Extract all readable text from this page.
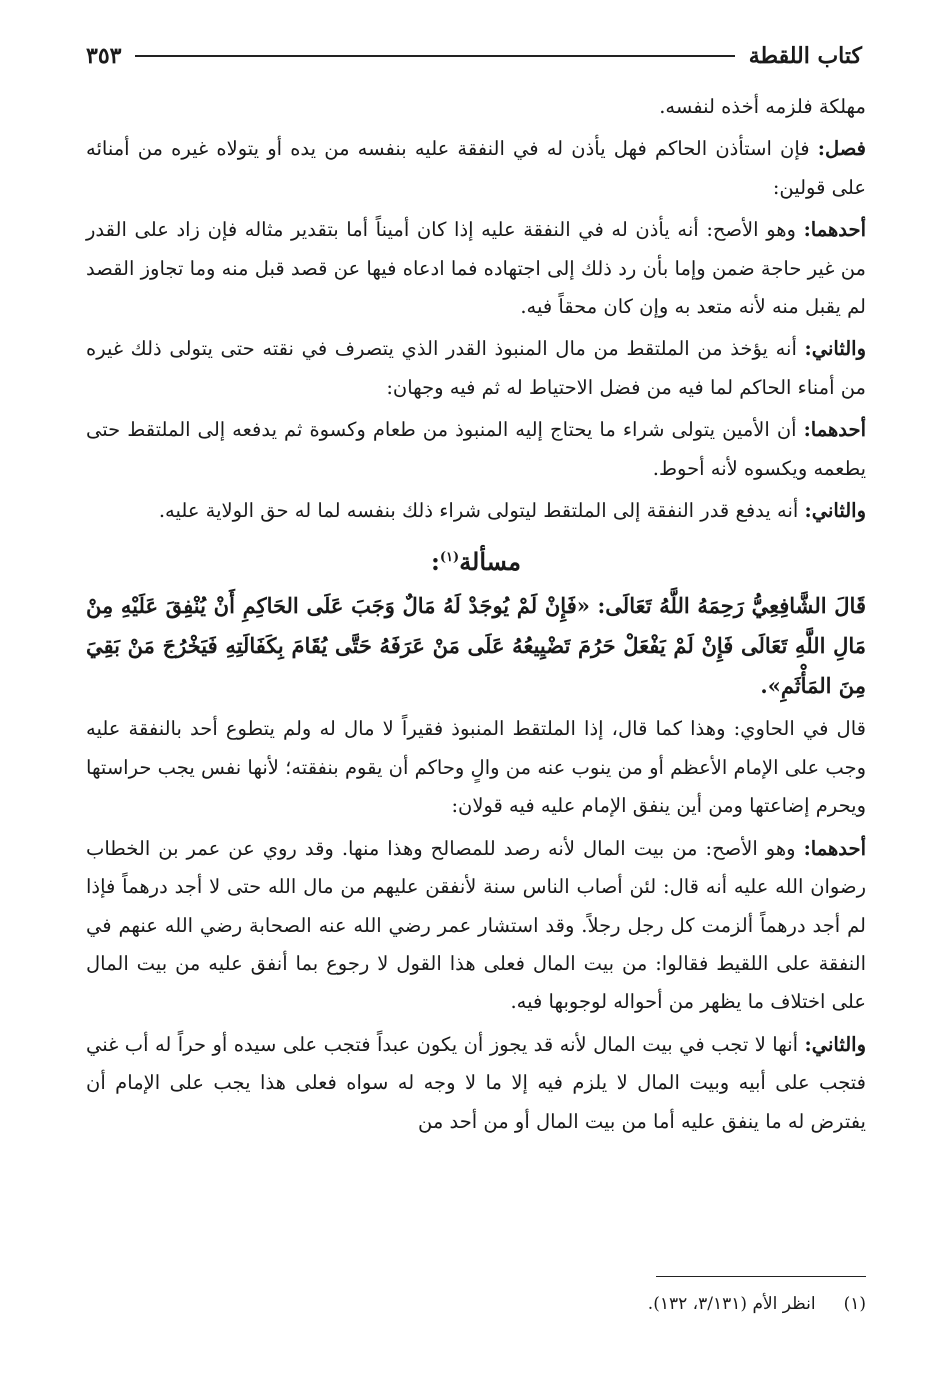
كتاب اللقطة
٣٥٣

مهلكة فلزمه أخذه لنفسه.

فصل: فإن استأذن الحاكم فهل يأذن له في النفقة عليه بنفسه من يده أو يتولاه غيره من أمنائه على قولين:

أحدهما: وهو الأصح: أنه يأذن له في النفقة عليه إذا كان أميناً أما بتقدير مثاله فإن زاد على القدر من غير حاجة ضمن وإما بأن رد ذلك إلى اجتهاده فما ادعاه فيها عن قصد قبل منه وما تجاوز القصد لم يقبل منه لأنه متعد به وإن كان محقاً فيه.

والثاني: أنه يؤخذ من الملتقط من مال المنبوذ القدر الذي يتصرف في نقته حتى يتولى ذلك غيره من أمناء الحاكم لما فيه من فضل الاحتياط له ثم فيه وجهان:

أحدهما: أن الأمين يتولى شراء ما يحتاج إليه المنبوذ من طعام وكسوة ثم يدفعه إلى الملتقط حتى يطعمه ويكسوه لأنه أحوط.

والثاني: أنه يدفع قدر النفقة إلى الملتقط ليتولى شراء ذلك بنفسه لما له حق الولاية عليه.

مسألة$^{(١)}$:

قَالَ الشَّافِعِيُّ رَحِمَهُ اللَّهُ تَعَالَى: «فَإِنْ لَمْ يُوجَدْ لَهُ مَالٌ وَجَبَ عَلَى الحَاكِمِ أَنْ يُنْفِقَ عَلَيْهِ مِنْ مَالِ اللَّهِ تَعَالَى فَإِنْ لَمْ يَفْعَلْ حَرُمَ تَضْيِيعُهُ عَلَى مَنْ عَرَفَهُ حَتَّى يُقَامَ بِكَفَالَتِهِ فَيَخْرُجَ مَنْ بَقِيَ مِنَ المَأْثَمِ».

قال في الحاوي: وهذا كما قال، إذا الملتقط المنبوذ فقيراً لا مال له ولم يتطوع أحد بالنفقة عليه وجب على الإمام الأعظم أو من ينوب عنه من والٍ وحاكم أن يقوم بنفقته؛ لأنها نفس يجب حراستها ويحرم إضاعتها ومن أين ينفق الإمام عليه فيه قولان:

أحدهما: وهو الأصح: من بيت المال لأنه رصد للمصالح وهذا منها. وقد روي عن عمر بن الخطاب رضوان الله عليه أنه قال: لئن أصاب الناس سنة لأنفقن عليهم من مال الله حتى لا أجد درهماً فإذا لم أجد درهماً ألزمت كل رجل رجلاً. وقد استشار عمر رضي الله عنه الصحابة رضي الله عنهم في النفقة على اللقيط فقالوا: من بيت المال فعلى هذا القول لا رجوع بما أنفق عليه من بيت المال على اختلاف ما يظهر من أحواله لوجوبها فيه.

والثاني: أنها لا تجب في بيت المال لأنه قد يجوز أن يكون عبداً فتجب على سيده أو حراً له أب غني فتجب على أبيه وبيت المال لا يلزم فيه إلا ما لا وجه له سواه فعلى هذا يجب على الإمام أن يفترض له ما ينفق عليه أما من بيت المال أو من أحد من

(١)انظر الأم (٣/١٣١، ١٣٢).
